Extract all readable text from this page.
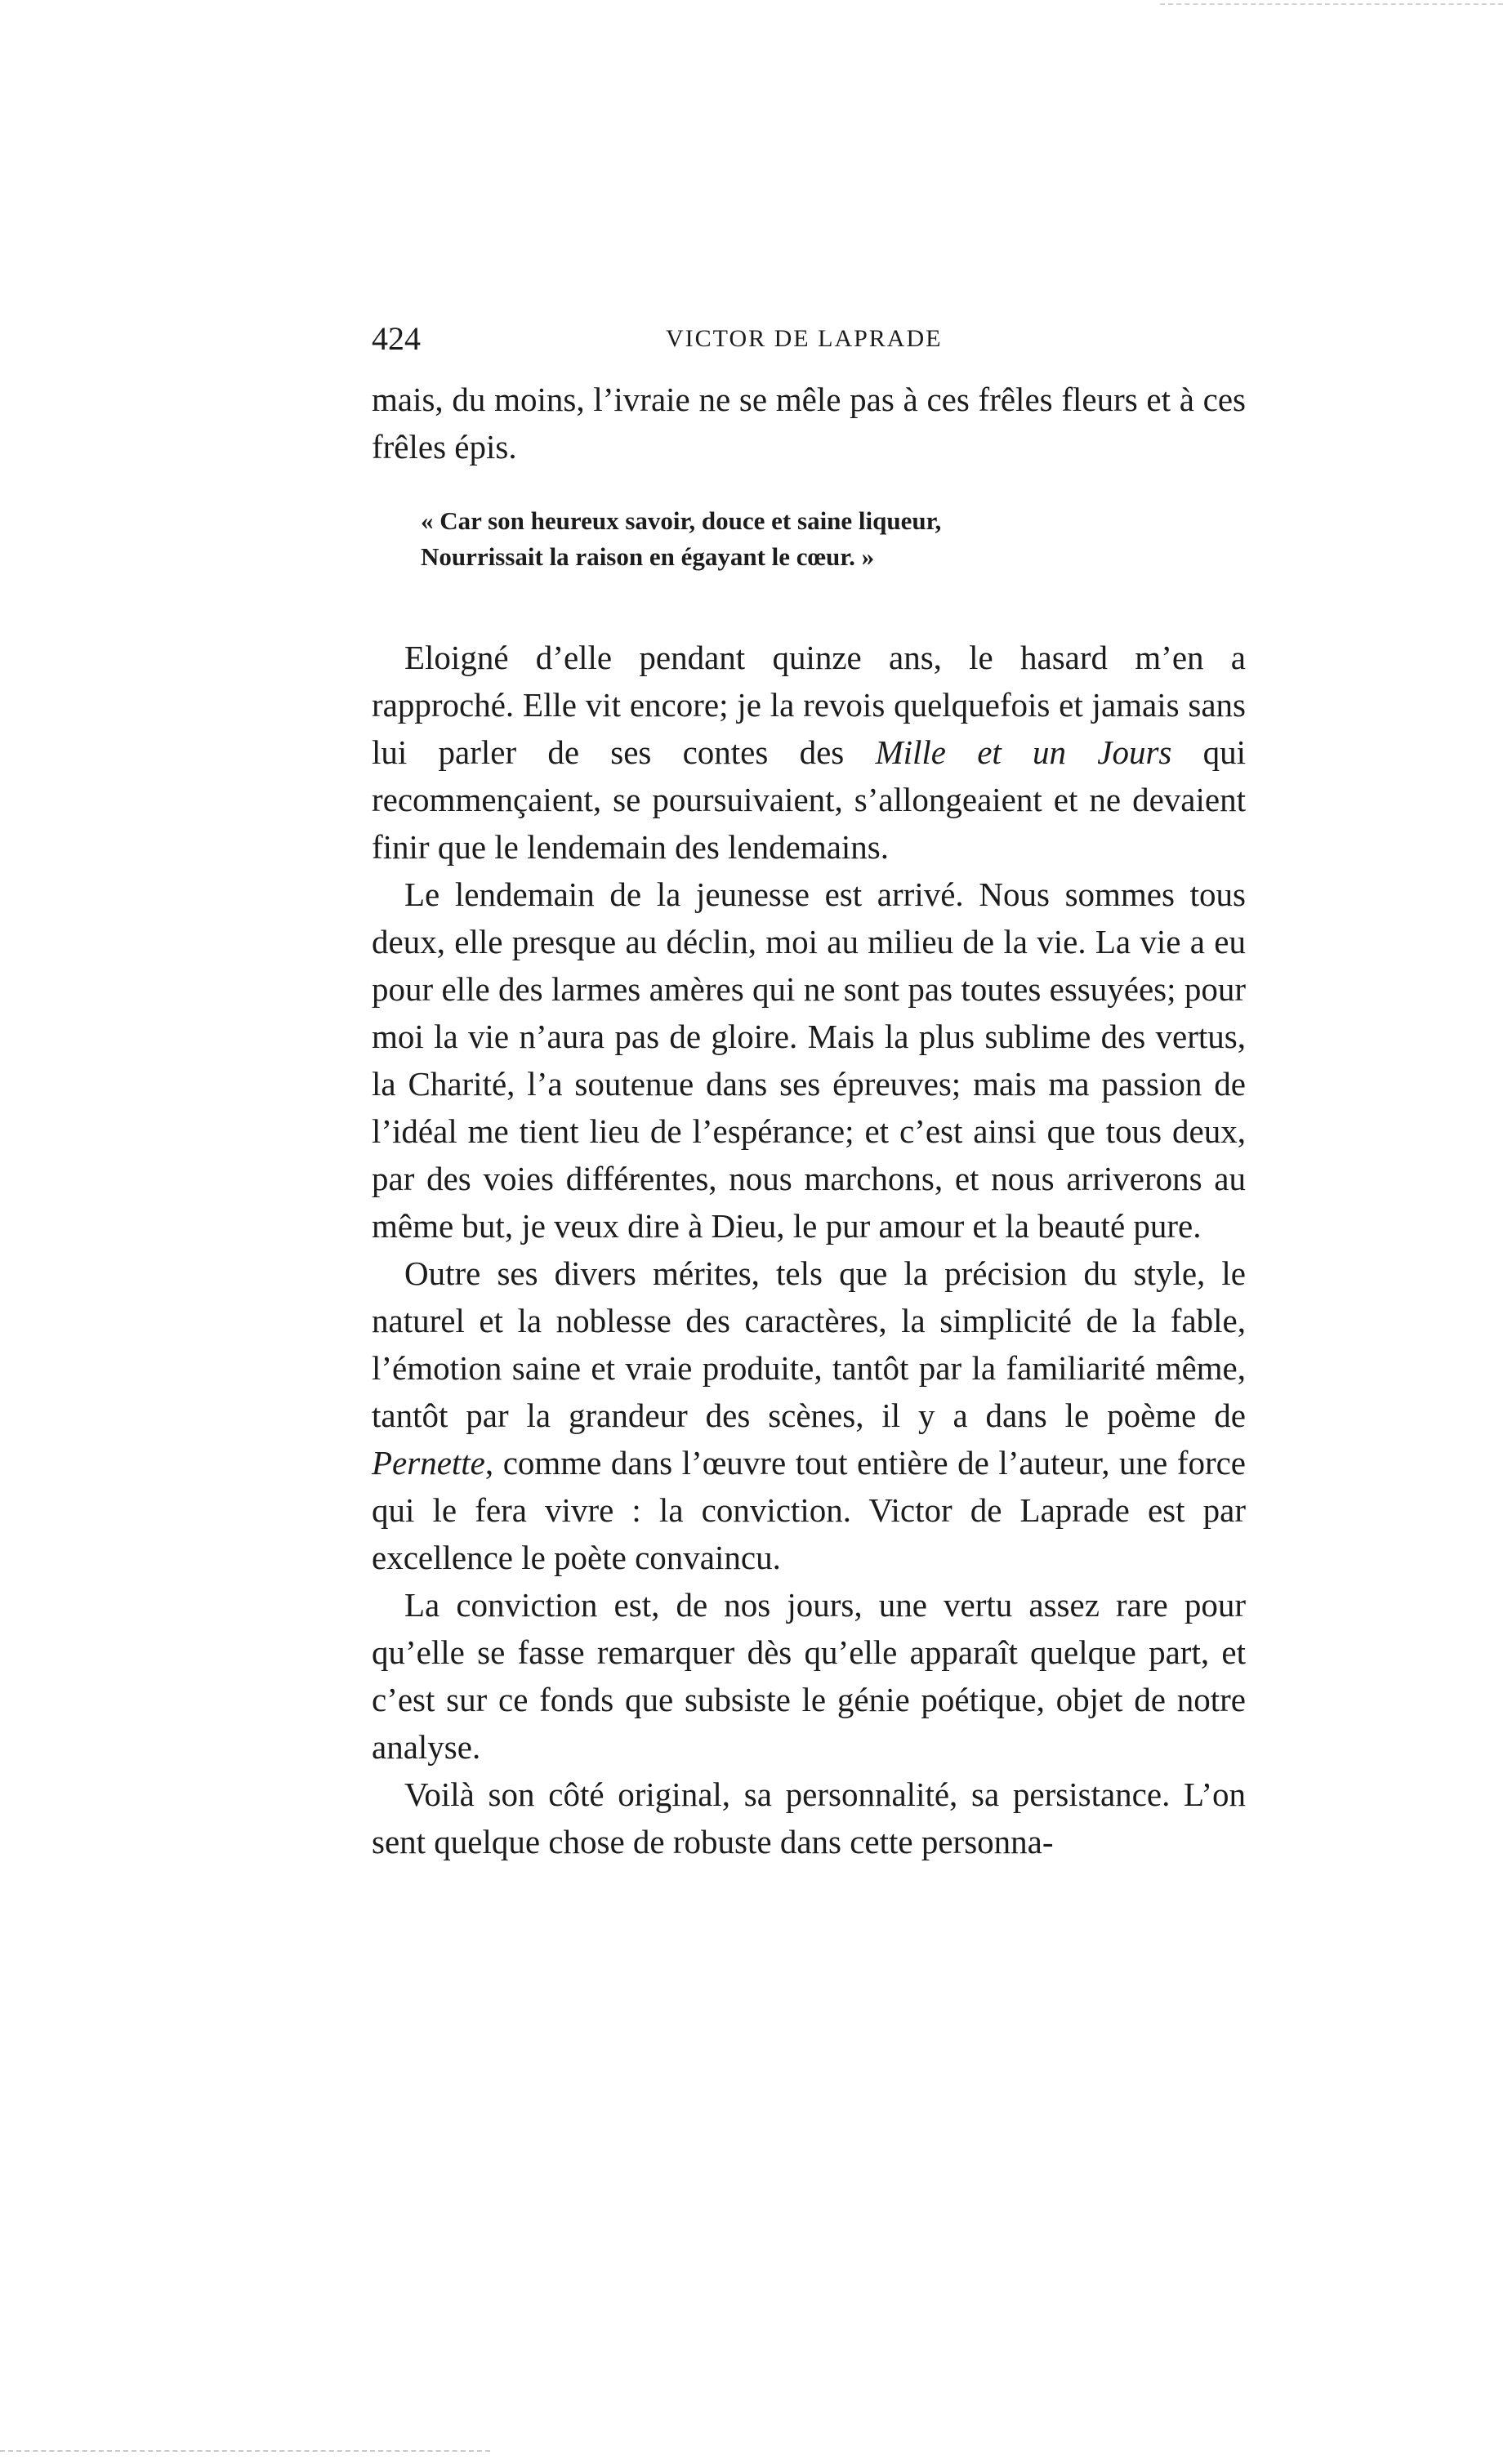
424	VICTOR DE LAPRADE

mais, du moins, l’ivraie ne se mêle pas à ces frêles fleurs et à ces frêles épis.

« Car son heureux savoir, douce et saine liqueur,
Nourrissait la raison en égayant le cœur. »

Eloigné d’elle pendant quinze ans, le hasard m’en a rapproché. Elle vit encore; je la revois quelquefois et jamais sans lui parler de ses contes des Mille et un Jours qui recommençaient, se poursuivaient, s’allongeaient et ne devaient finir que le lendemain des lendemains.

Le lendemain de la jeunesse est arrivé. Nous sommes tous deux, elle presque au déclin, moi au milieu de la vie. La vie a eu pour elle des larmes amères qui ne sont pas toutes essuyées; pour moi la vie n’aura pas de gloire. Mais la plus sublime des vertus, la Charité, l’a soutenue dans ses épreuves; mais ma passion de l’idéal me tient lieu de l’espérance; et c’est ainsi que tous deux, par des voies différentes, nous marchons, et nous arriverons au même but, je veux dire à Dieu, le pur amour et la beauté pure.

Outre ses divers mérites, tels que la précision du style, le naturel et la noblesse des caractères, la simplicité de la fable, l’émotion saine et vraie produite, tantôt par la familiarité même, tantôt par la grandeur des scènes, il y a dans le poème de Pernette, comme dans l’œuvre tout entière de l’auteur, une force qui le fera vivre : la conviction. Victor de Laprade est par excellence le poète convaincu.

La conviction est, de nos jours, une vertu assez rare pour qu’elle se fasse remarquer dès qu’elle apparaît quelque part, et c’est sur ce fonds que subsiste le génie poétique, objet de notre analyse.

Voilà son côté original, sa personnalité, sa persistance. L’on sent quelque chose de robuste dans cette personna-
